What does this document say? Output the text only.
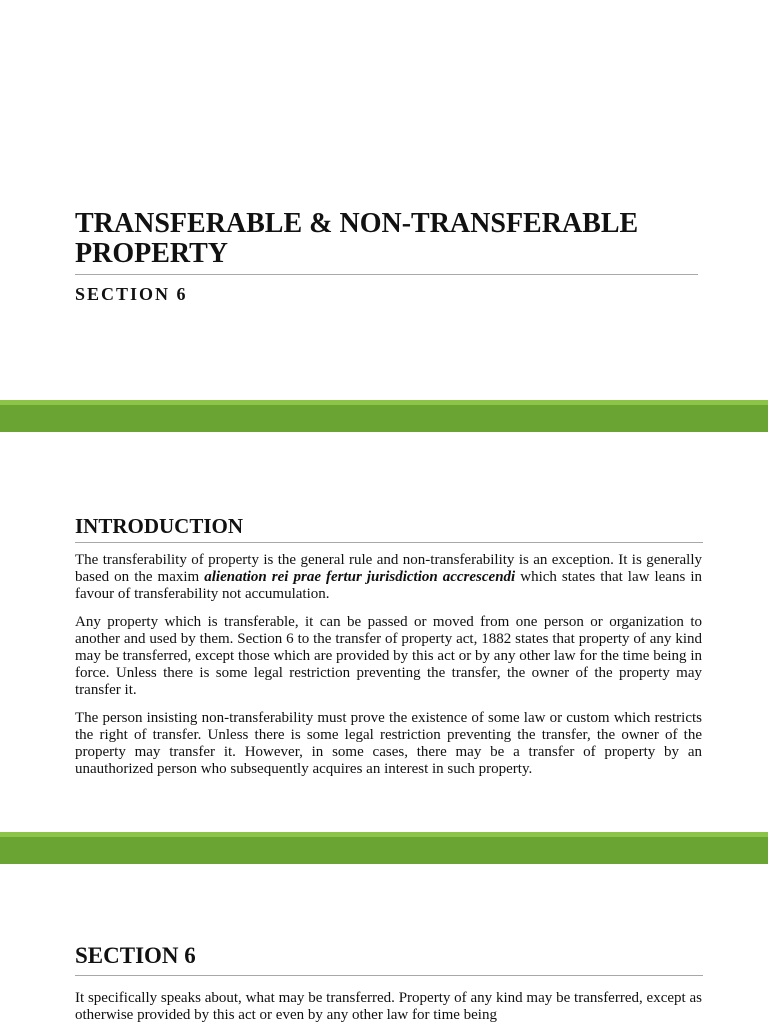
TRANSFERABLE & NON-TRANSFERABLE PROPERTY
SECTION 6
INTRODUCTION

The transferability of property is the general rule and non-transferability is an exception. It is generally based on the maxim alienation rei prae fertur jurisdiction accrescendi which states that law leans in favour of transferability not accumulation.

Any property which is transferable, it can be passed or moved from one person or organization to another and used by them. Section 6 to the transfer of property act, 1882 states that property of any kind may be transferred, except those which are provided by this act or by any other law for the time being in force. Unless there is some legal restriction preventing the transfer, the owner of the property may transfer it.

The person insisting non-transferability must prove the existence of some law or custom which restricts the right of transfer. Unless there is some legal restriction preventing the transfer, the owner of the property may transfer it. However, in some cases, there may be a transfer of property by an unauthorized person who subsequently acquires an interest in such property.

SECTION 6

It specifically speaks about, what may be transferred. Property of any kind may be transferred, except as otherwise provided by this act or even by any other law for time being
